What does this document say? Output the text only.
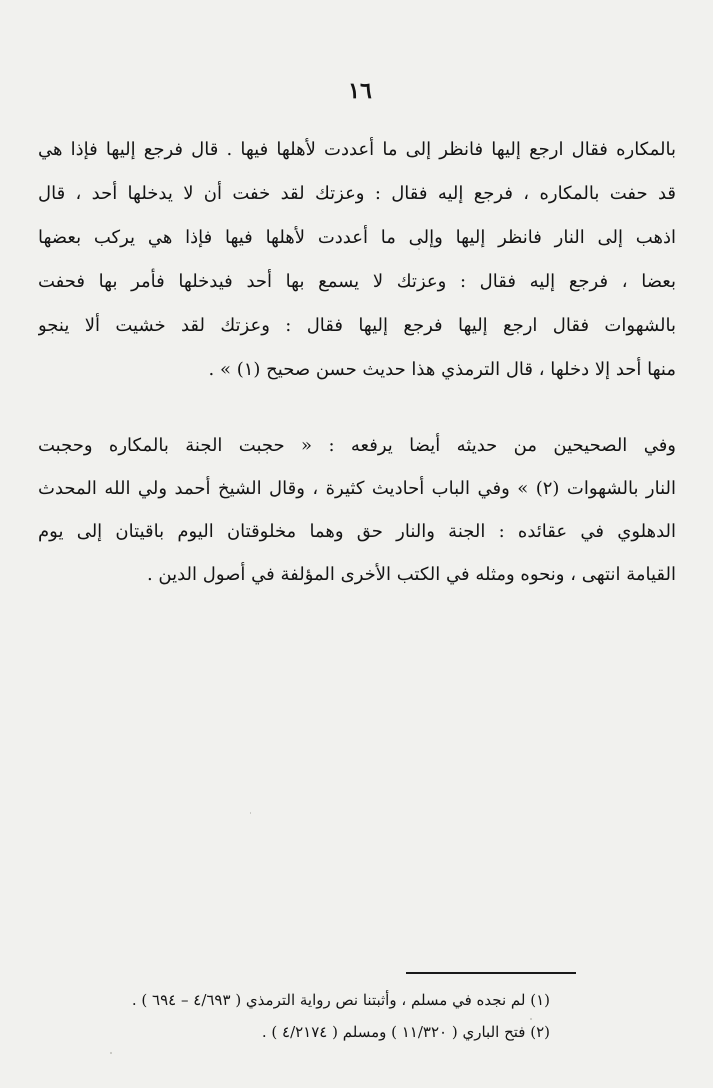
١٦
بالمكاره فقال ارجع إليها فانظر إلى ما أعددت لأهلها فيها . قال فرجع إليها فإذا هي
قد حفت بالمكاره ، فرجع إليه فقال : وعزتك لقد خفت أن لا يدخلها أحد ، قال
اذهب إلى النار فانظر إليها وإلى ما أعددت لأهلها فيها فإذا هي يركب بعضها
بعضا ، فرجع إليه فقال : وعزتك لا يسمع بها أحد فيدخلها فأمر بها فحفت
بالشهوات فقال ارجع إليها فرجع إليها فقال : وعزتك لقد خشيت ألا ينجو
منها أحد إلا دخلها ، قال الترمذي هذا حديث حسن صحيح (١) » .
وفي الصحيحين من حديثه أيضا يرفعه : « حجبت الجنة بالمكاره وحجبت
النار بالشهوات (٢) » وفي الباب أحاديث كثيرة ، وقال الشيخ أحمد ولي الله المحدث
الدهلوي في عقائده : الجنة والنار حق وهما مخلوقتان اليوم باقيتان إلى يوم
القيامة انتهى ، ونحوه ومثله في الكتب الأخرى المؤلفة في أصول الدين .
(١) لم نجده في مسلم ، وأثبتنا نص رواية الترمذي ( ٤/٦٩٣ – ٦٩٤ ) .
(٢) فتح الباري ( ١١/٣٢٠ ) ومسلم ( ٤/٢١٧٤ ) .
